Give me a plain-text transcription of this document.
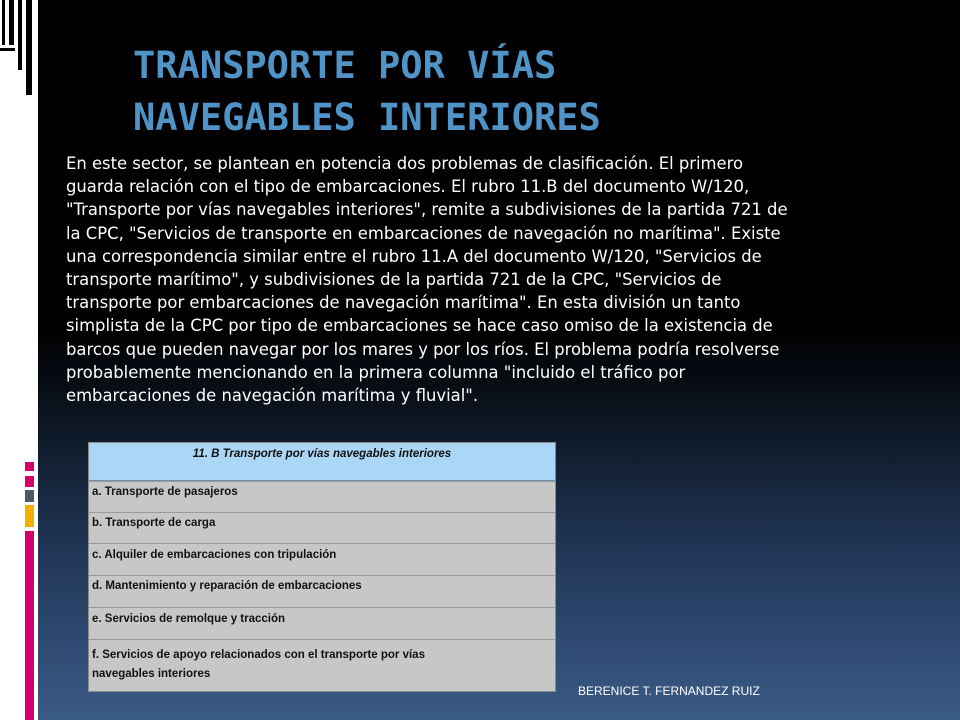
TRANSPORTE POR VÍAS
NAVEGABLES INTERIORES
En este sector, se plantean en potencia dos problemas de clasificación. El primero
guarda relación con el tipo de embarcaciones. El rubro 11.B del documento W/120,
"Transporte por vías navegables interiores", remite a subdivisiones de la partida 721 de
la CPC, "Servicios de transporte en embarcaciones de navegación no marítima". Existe
una correspondencia similar entre el rubro 11.A del documento W/120, "Servicios de
transporte marítimo", y subdivisiones de la partida 721 de la CPC, "Servicios de
transporte por embarcaciones de navegación marítima". En esta división un tanto
simplista de la CPC por tipo de embarcaciones se hace caso omiso de la existencia de
barcos que pueden navegar por los mares y por los ríos. El problema podría resolverse
probablemente mencionando en la primera columna "incluido el tráfico por
embarcaciones de navegación marítima y fluvial".
11. B Transporte por vías navegables interiores
a. Transporte de pasajeros
b. Transporte de carga
c. Alquiler de embarcaciones con tripulación
d. Mantenimiento y reparación de embarcaciones
e. Servicios de remolque y tracción
f. Servicios de apoyo relacionados con el transporte por vías
navegables interiores
BERENICE T. FERNANDEZ RUIZ
